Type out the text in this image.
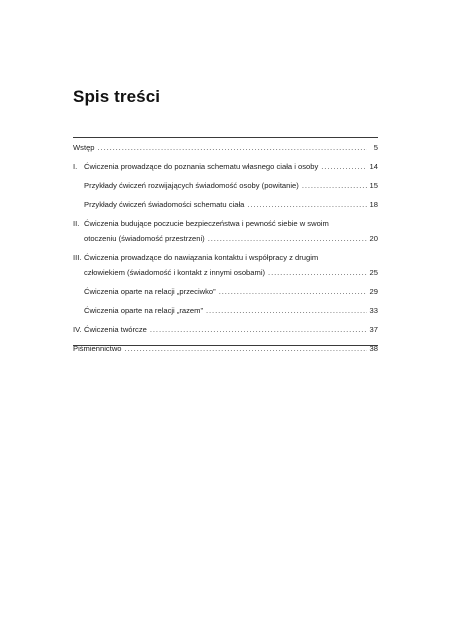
Spis treści
Wstęp . . .	5
I. Ćwiczenia prowadzące do poznania schematu własnego ciała i osoby . . .	14
Przykłady ćwiczeń rozwijających świadomość osoby (powitanie) . . .	15
Przykłady ćwiczeń świadomości schematu ciała . . .	18
II. Ćwiczenia budujące poczucie bezpieczeństwa i pewność siebie w swoim
otoczeniu (świadomość przestrzeni) . . .	20
III. Ćwiczenia prowadzące do nawiązania kontaktu i współpracy z drugim
człowiekiem (świadomość i kontakt z innymi osobami) . . .	25
Ćwiczenia oparte na relacji „przeciwko” . . .	29
Ćwiczenia oparte na relacji „razem” . . .	33
IV. Ćwiczenia twórcze . . .	37
Piśmiennictwo . . .	38
